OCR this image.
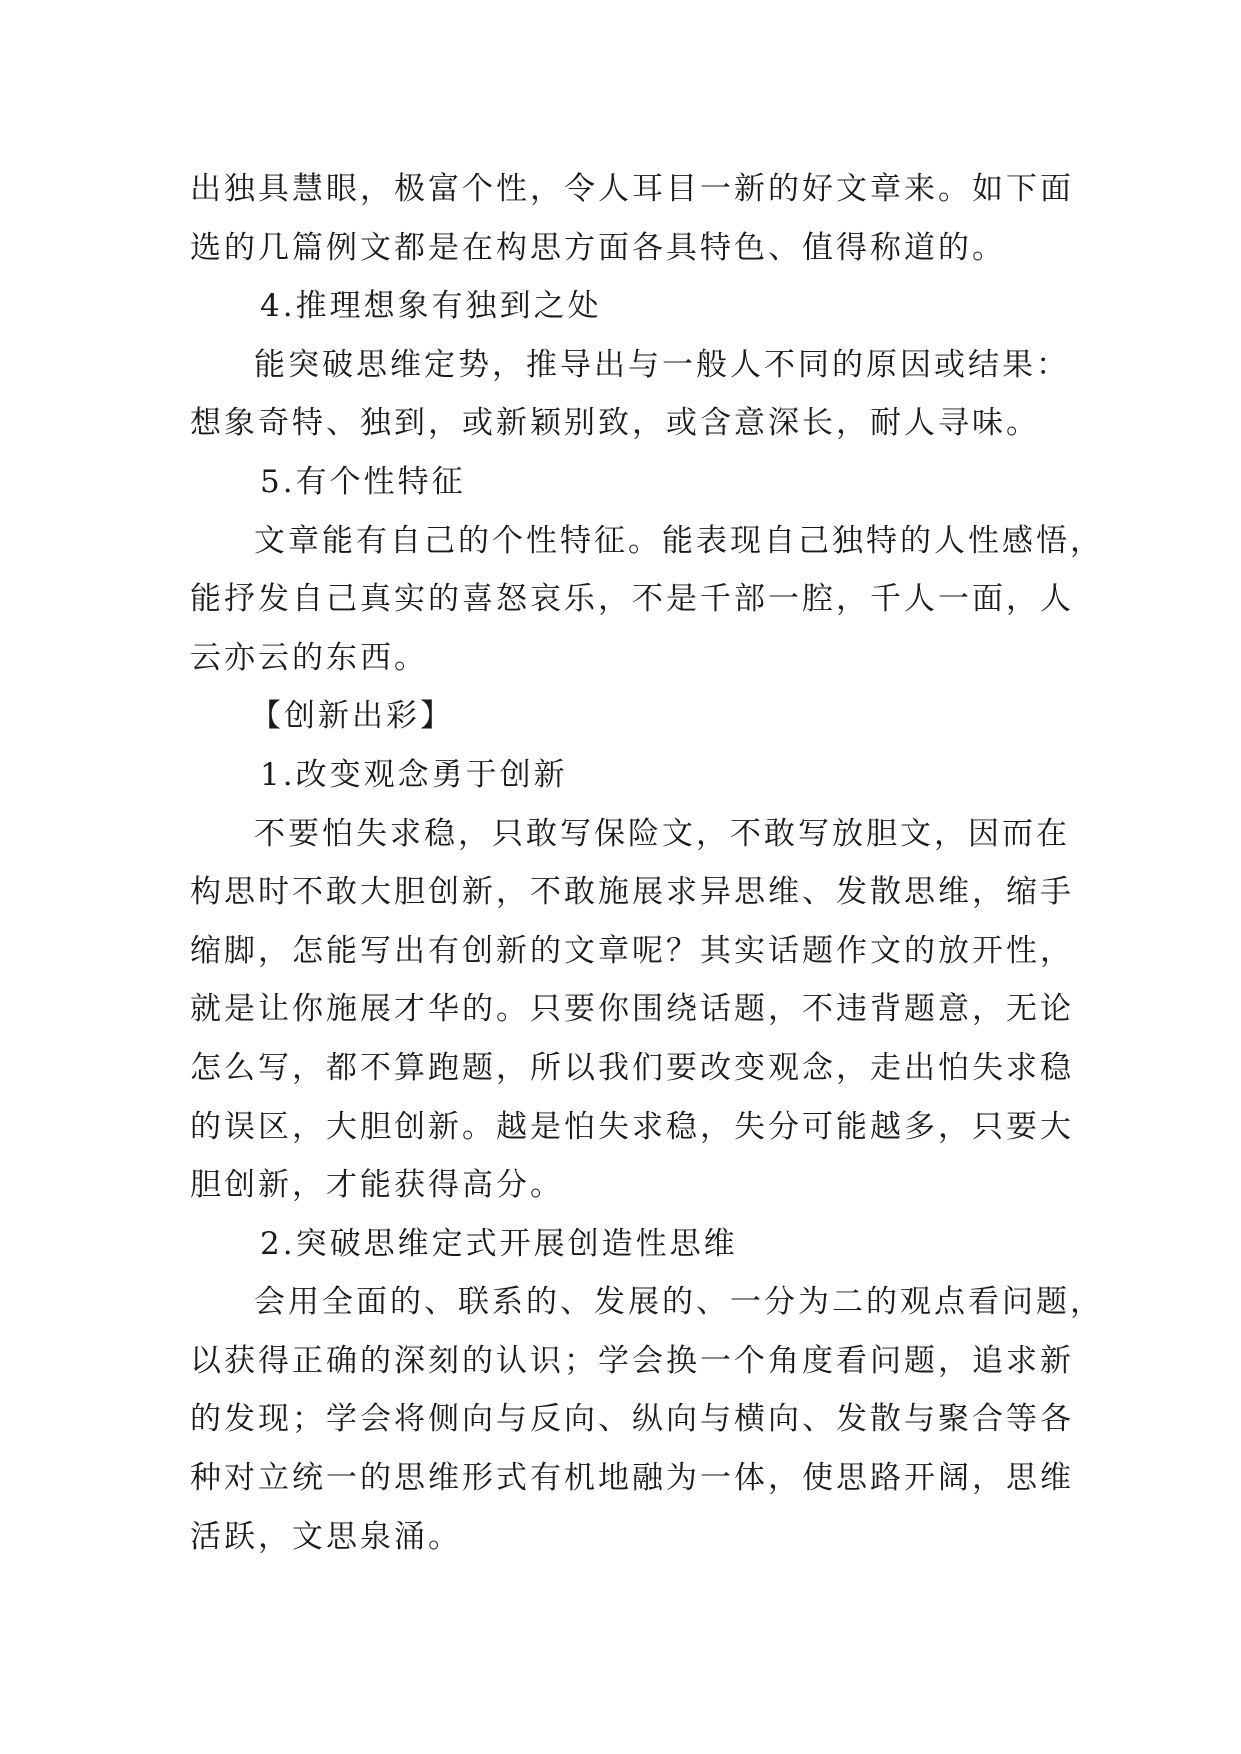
出独具慧眼，极富个性，令人耳目一新的好文章来。如下面
选的几篇例文都是在构思方面各具特色、值得称道的。
4.推理想象有独到之处
能突破思维定势，推导出与一般人不同的原因或结果：
想象奇特、独到，或新颖别致，或含意深长，耐人寻味。
5.有个性特征
文章能有自己的个性特征。能表现自己独特的人性感悟，
能抒发自己真实的喜怒哀乐，不是千部一腔，千人一面，人
云亦云的东西。
【创新出彩】
1.改变观念勇于创新
不要怕失求稳，只敢写保险文，不敢写放胆文，因而在
构思时不敢大胆创新，不敢施展求异思维、发散思维，缩手
缩脚，怎能写出有创新的文章呢？其实话题作文的放开性，
就是让你施展才华的。只要你围绕话题，不违背题意，无论
怎么写，都不算跑题，所以我们要改变观念，走出怕失求稳
的误区，大胆创新。越是怕失求稳，失分可能越多，只要大
胆创新，才能获得高分。
2.突破思维定式开展创造性思维
会用全面的、联系的、发展的、一分为二的观点看问题，
以获得正确的深刻的认识；学会换一个角度看问题，追求新
的发现；学会将侧向与反向、纵向与横向、发散与聚合等各
种对立统一的思维形式有机地融为一体，使思路开阔，思维
活跃，文思泉涌。
